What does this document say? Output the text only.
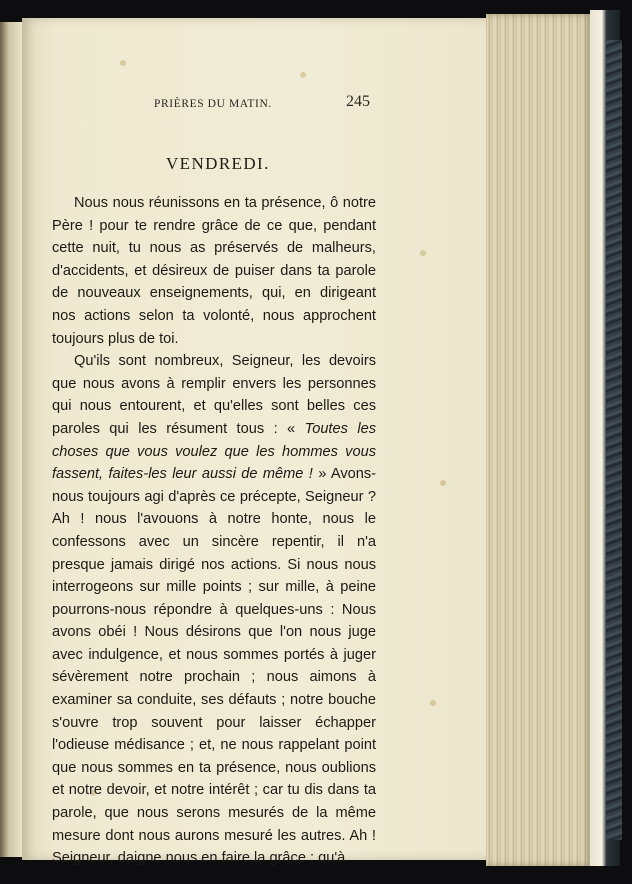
PRIÈRES DU MATIN.	245
VENDREDI.

Nous nous réunissons en ta présence, ô notre Père ! pour te rendre grâce de ce que, pendant cette nuit, tu nous as préservés de malheurs, d'accidents, et désireux de puiser dans ta parole de nouveaux enseignements, qui, en dirigeant nos actions selon ta volonté, nous approchent toujours plus de toi.

Qu'ils sont nombreux, Seigneur, les devoirs que nous avons à remplir envers les personnes qui nous entourent, et qu'elles sont belles ces paroles qui les résument tous : « Toutes les choses que vous voulez que les hommes vous fassent, faites-les leur aussi de même ! » Avons-nous toujours agi d'après ce précepte, Seigneur ? Ah ! nous l'avouons à notre honte, nous le confessons avec un sincère repentir, il n'a presque jamais dirigé nos actions. Si nous nous interrogeons sur mille points ; sur mille, à peine pourrons-nous répondre à quelques-uns : Nous avons obéi ! Nous désirons que l'on nous juge avec indulgence, et nous sommes portés à juger sévèrement notre prochain ; nous aimons à examiner sa conduite, ses défauts ; notre bouche s'ouvre trop souvent pour laisser échapper l'odieuse médisance ; et, ne nous rappelant point que nous sommes en ta présence, nous oublions et notre devoir, et notre intérêt ; car tu dis dans ta parole, que nous serons mesurés de la même mesure dont nous aurons mesuré les autres. Ah ! Seigneur, daigne nous en faire la grâce ; qu'à
